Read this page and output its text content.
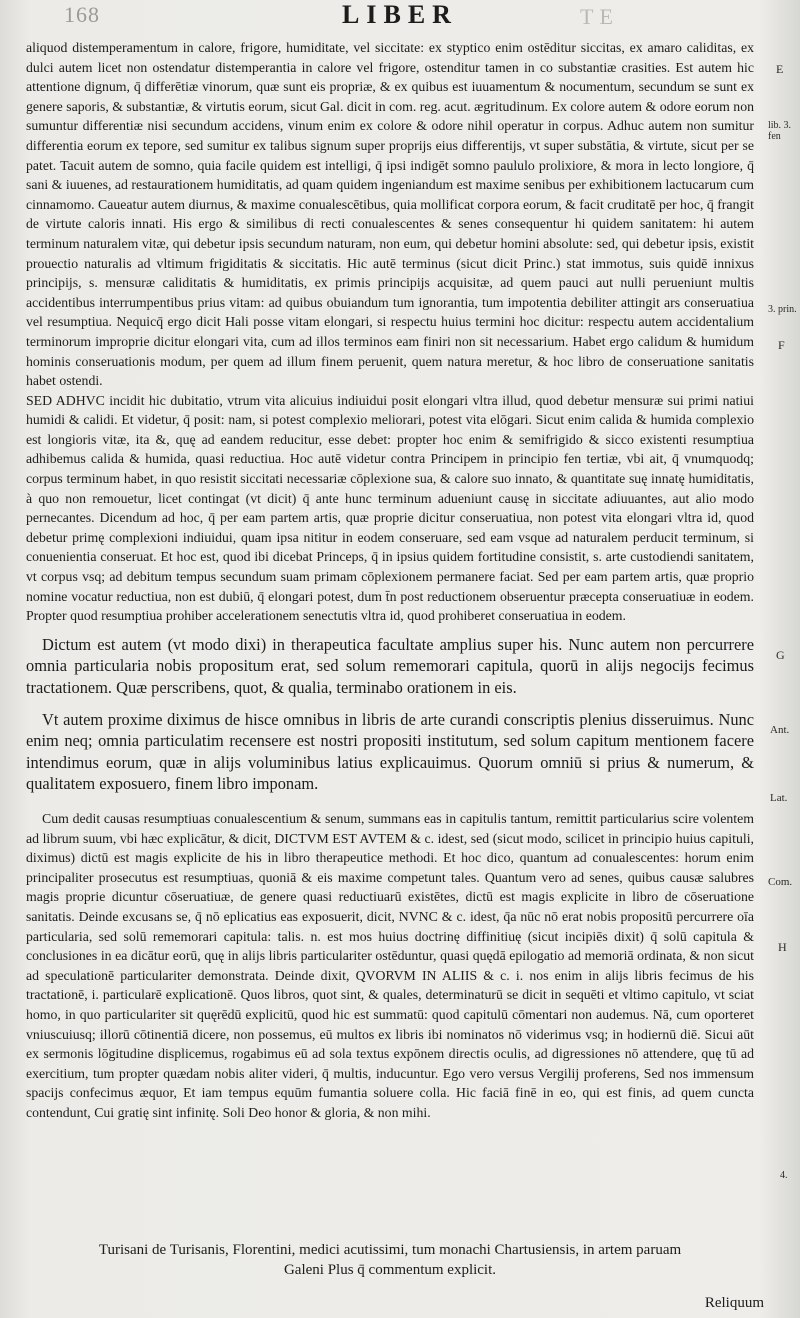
168	LIBER	TE

aliquod distemperamentum in calore, frigore, humiditate, vel siccitate: ex styptico enim ostēditur siccitas, ex amaro caliditas, ex dulci autem licet non ostendatur distemperantia in calore vel frigore, ostenditur tamen in co substantiæ crasities. Est autem hic attentione dignum, q̄ differētiæ vinorum, quæ sunt eis propriæ, & ex quibus est iuuamentum & nocumentum, secundum se sunt ex genere saporis, & substantiæ, & virtutis eorum, sicut Gal. dicit in com. reg. acut. ægritudinum. Ex colore autem & odore eorum non sumuntur differentiæ nisi secundum accidens, vinum enim ex colore & odore nihil operatur in corpus. Adhuc autem non sumitur differentia eorum ex tepore, sed sumitur ex talibus signum super proprijs eius differentijs, vt super substātia, & virtute, sicut per se patet. Tacuit autem de somno, quia facile quidem est intelligi, q̄ ipsi indigēt somno paululo prolixiore, & mora in lecto longiore, q̄ sani & iuuenes, ad restaurationem humiditatis, ad quam quidem ingeniandum est maxime senibus per exhibitionem lactucarum cum cinnamomo. Caueatur autem diurnus, & maxime conualescētibus, quia mollificat corpora eorum, & facit cruditatē per hoc, q̄ frangit de virtute caloris innati. His ergo & similibus di recti conualescentes & senes consequentur hi quidem sanitatem: hi autem terminum naturalem vitæ, qui debetur ipsis secundum naturam, non eum, qui debetur homini absolute: sed, qui debetur ipsis, existit prouectio naturalis ad vltimum frigiditatis & siccitatis. Hic autē terminus (sicut dicit Princ.) stat immotus, suis quidē innixus principijs, s. mensuræ caliditatis & humiditatis, ex primis principijs acquisitæ, ad quem pauci aut nulli perueniunt multis accidentibus interrumpentibus prius vitam: ad quibus obuiandum tum ignorantia, tum impotentia debiliter attingit ars conseruatiua vel resumptiua. Nequicq̄ ergo dicit Hali posse vitam elongari, si respectu huius termini hoc dicitur: respectu autem accidentalium terminorum impropriе dicitur elongari vita, cum ad illos terminos eam finiri non sit necessarium. Habet ergo calidum & humidum hominis conseruationis modum, per quem ad illum finem peruenit, quem natura meretur, & hoc libro de conseruatione sanitatis habet ostendi.

SED ADHVC incidit hic dubitatio, vtrum vita alicuius indiuidui posit elongari vltra illud, quod debetur mensuræ sui primi natiui humidi & calidi. Et videtur, q̄ posit: nam, si potest complexio meliorari, potest vita elōgari. Sicut enim calida & humida complexio est longioris vitæ, ita &, quę ad eandem reducitur, esse debet: propter hoc enim & semifrigido & sicco existenti resumptiua adhibemus calida & humida, quasi reductiua. Hoc autē videtur contra Principem in principio fen tertiæ, vbi ait, q̄ vnumquodq; corpus terminum habet, in quo resistit siccitati necessariæ cōplexione sua, & calore suo innato, & quantitate suę innatę humiditatis, à quo non remouetur, licet contingat (vt dicit) q̄ ante hunc terminum adueniunt causę in siccitate adiuuantes, aut alio modo pernecantes. Dicendum ad hoc, q̄ per eam partem artis, quæ propriе dicitur conseruatiua, non potest vita elongari vltra id, quod debetur primę complexioni indiuidui, quam ipsa nititur in eodem conseruare, sed eam vsque ad naturalem perducit terminum, si conuenientia conseruat. Et hoc est, quod ibi dicebat Princeps, q̄ in ipsius quidem fortitudine consistit, s. arte custodiendi sanitatem, vt corpus vsq; ad debitum tempus secundum suam primam cōplexionem permanere faciat. Sed per eam partem artis, quæ proprio nomine vocatur reductiua, non est dubiū, q̄ elongari potest, dum t̄n post reductionem obseruentur præcepta conseruatiuæ in eodem. Propter quod resumptiua prohiber accelerationem senectutis vltra id, quod prohiberet conseruatiua in eodem.

Dictum est autem (vt modo dixi) in therapeutica facultate amplius super his. Nunc autem non percurrere omnia particularia nobis propositum erat, sed solum rememorari capitula, quorū in alijs negocijs fecimus tractationem. Quæ perscribens, quot, & qualia, terminabo orationem in eis.

Vt autem proxime diximus de hisce omnibus in libris de arte curandi conscriptis plenius disseruimus. Nunc enim neq; omnia particulatim recensere est nostri propositi institutum, sed solum capitum mentionem facere intendimus eorum, quæ in alijs voluminibus latius explicauimus. Quorum omniū si prius & numerum, & qualitatem exposuero, finem libro imponam.

Cum dedit causas resumptiuas conualescentium & senum, summans eas in capitulis tantum, remittit particularius scire volentem ad librum suum, vbi hæc explicātur, & dicit, DICTVM EST AVTEM & c. idest, sed (sicut modo, scilicet in principio huius capituli, diximus) dictū est magis explicite de his in libro therapeutice methodi. Et hoc dico, quantum ad conualescentes: horum enim principaliter prosecutus est resumptiuas, quoniā & eis maxime competunt tales. Quantum vero ad senes, quibus causæ salubres magis propriе dicuntur cōseruatiuæ, de genere quasi reductiuarū existētes, dictū est magis explicite in libro de cōseruatione sanitatis. Deinde excusans se, q̄ nō eplicatius eas exposuerit, dicit, NVNC & c. idest, q̄a nūc nō erat nobis propositū percurrere oīa particularia, sed solū rememorari capitula: talis. n. est mos huius doctrinę diffinitiuę (sicut incipiēs dixit) q̄ solū capitula & conclusiones in ea dicātur eorū, quę in alijs libris particulariter ostēduntur, quasi quędā epilogatio ad memoriā ordinata, & non sicut ad speculationē particulariter demonstrata. Deinde dixit, QVORVM IN ALIIS & c. i. nos enim in alijs libris fecimus de his tractationē, i. particularē explicationē. Quos libros, quot sint, & quales, determinaturū se dicit in sequēti et vltimo capitulo, vt sciat homo, in quo particulariter sit quęrēdū explicitū, quod hic est summatū: quod capitulū cōmentari non audemus. Nā, cum oporteret vniuscuiusq; illorū cōtinentiā dicere, non possemus, eū multos ex libris ibi nominatos nō viderimus vsq; in hodiernū diē. Sicui aūt ex sermonis lōgitudine displicemus, rogabimus eū ad sola textus expōnem directis oculis, ad digressiones nō attendere, quę tū ad exercitium, tum propter quædam nobis aliter videri, q̄ multis, inducuntur. Ego vero versus Vergilij proferens, Sed nos immensum spacijs confecimus æquor, Et iam tempus equūm fumantia soluere colla. Hic faciā finē in eo, qui est finis, ad quem cuncta contendunt, Cui gratię sint infinitę. Soli Deo honor & gloria, & non mihi.

E
lib. 3. fen
F
3. prin.
G
Ant.
Lat.
Com.
H
4.
Turisani de Turisanis, Florentini, medici acutissimi, tum monachi Chartusiensis, in artem paruam
Galeni Plus q̄ commentum explicit.
Reliquum
